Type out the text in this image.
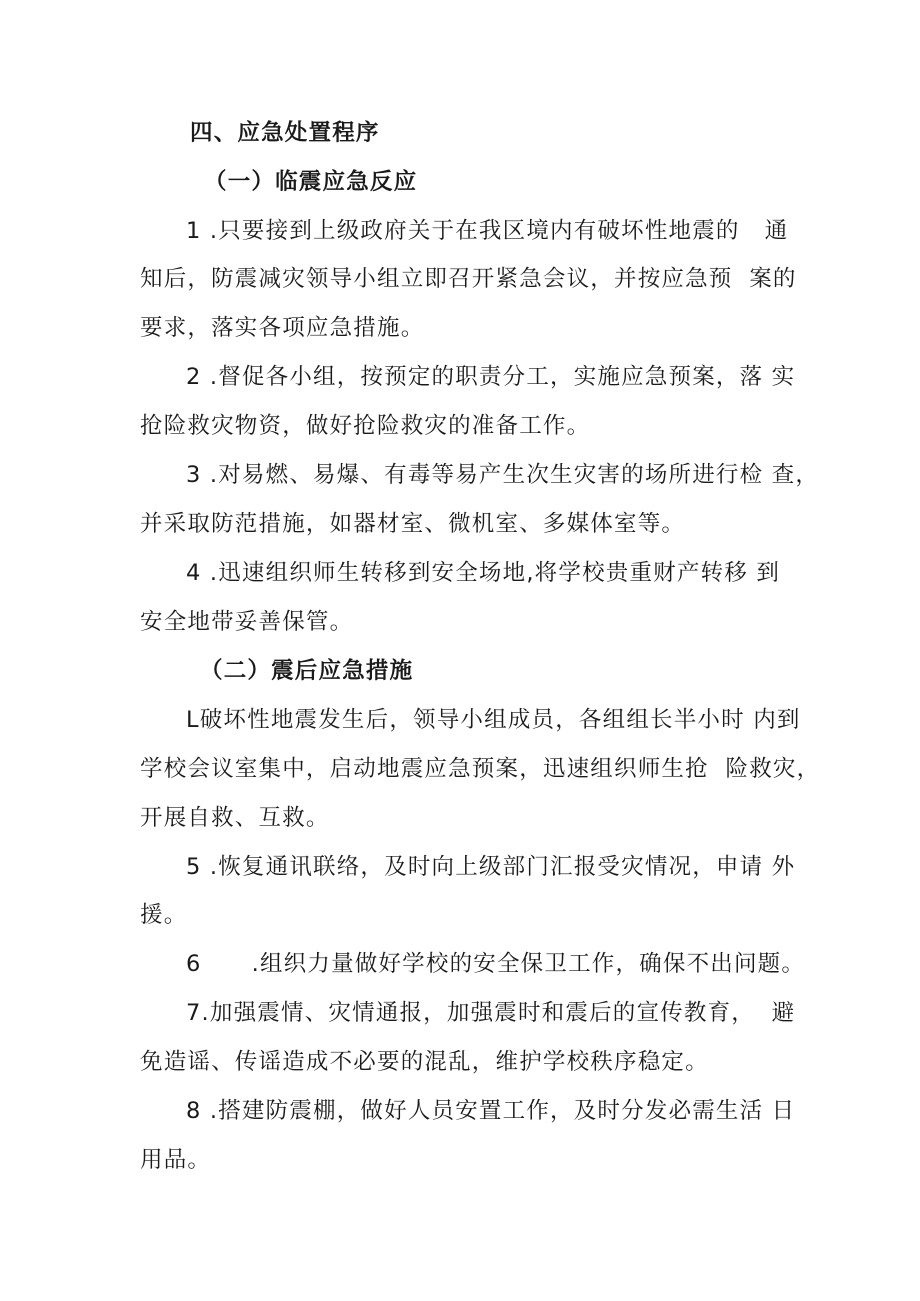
四、应急处置程序
（一）临震应急反应
1 .只要接到上级政府关于在我区境内有破坏性地震的   通
知后，防震减灾领导小组立即召开紧急会议，并按应急预  案的
要求，落实各项应急措施。
2 .督促各小组，按预定的职责分工，实施应急预案，落 实
抢险救灾物资，做好抢险救灾的准备工作。
3 .对易燃、易爆、有毒等易产生次生灾害的场所进行检 查，
并采取防范措施，如器材室、微机室、多媒体室等。
4 .迅速组织师生转移到安全场地,将学校贵重财产转移 到
安全地带妥善保管。
（二）震后应急措施
L破坏性地震发生后，领导小组成员，各组组长半小时 内到
学校会议室集中，启动地震应急预案，迅速组织师生抢  险救灾，
开展自救、互救。
5 .恢复通讯联络，及时向上级部门汇报受灾情况，申请 外
援。
6      .组织力量做好学校的安全保卫工作，确保不出问题。
7.加强震情、灾情通报，加强震时和震后的宣传教育，  避
免造谣、传谣造成不必要的混乱，维护学校秩序稳定。
8 .搭建防震棚，做好人员安置工作，及时分发必需生活 日
用品。
